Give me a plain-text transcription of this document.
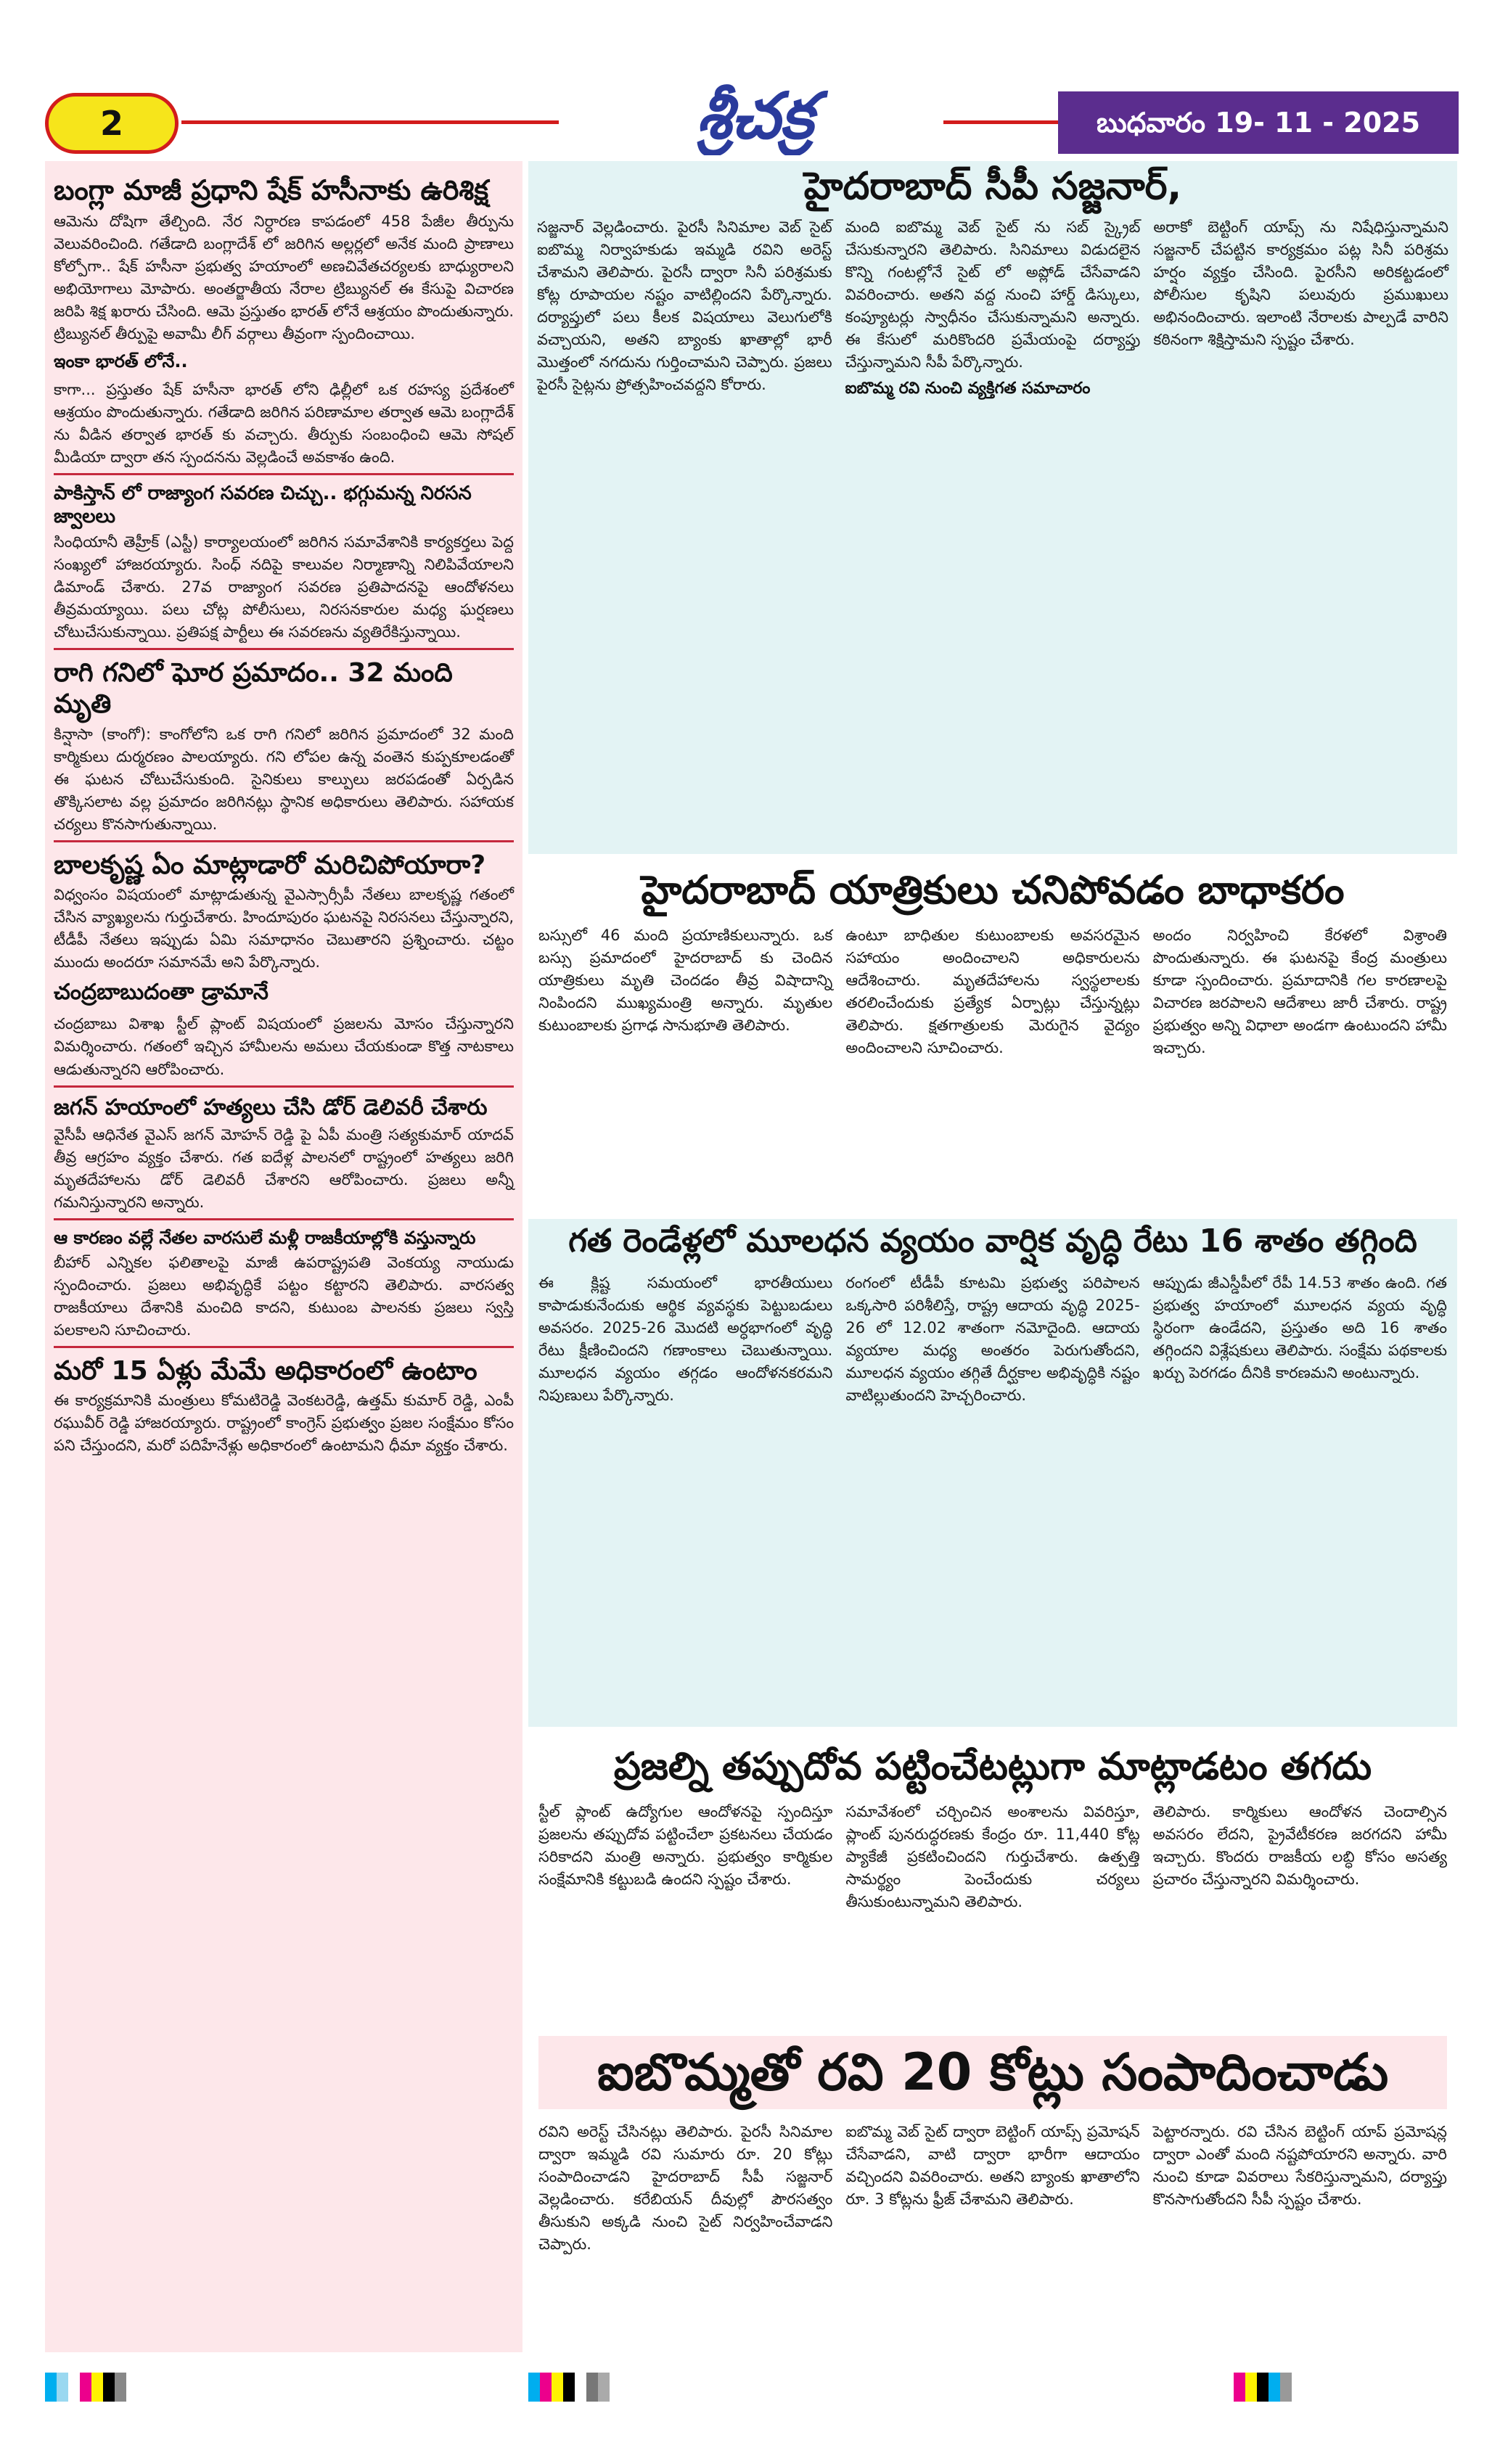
2	శ్రీచక్ర	బుధవారం 19- 11 - 2025
బంగ్లా మాజీ ప్రధాని షేక్ హసీనాకు ఉరిశిక్ష

ఆమెను దోషిగా తేల్చింది. నేర నిర్ధారణ కాపడంలో 458 పేజీల తీర్పును వెలువరించింది. గతేడాది బంగ్లాదేశ్ లో జరిగిన అల్లర్లలో అనేక మంది ప్రాణాలు కోల్పోగా.. షేక్ హసీనా ప్రభుత్వ హయాంలో అణచివేతచర్యలకు బాధ్యురాలని అభియోగాలు మోపారు. అంతర్జాతీయ నేరాల ట్రిబ్యునల్ ఈ కేసుపై విచారణ జరిపి శిక్ష ఖరారు చేసింది. ఆమె ప్రస్తుతం భారత్ లోనే ఆశ్రయం పొందుతున్నారు. ట్రిబ్యునల్ తీర్పుపై అవామీ లీగ్ వర్గాలు తీవ్రంగా స్పందించాయి.

ఇంకా భారత్ లోనే..

కాగా... ప్రస్తుతం షేక్ హసీనా భారత్ లోని ఢిల్లీలో ఒక రహస్య ప్రదేశంలో ఆశ్రయం పొందుతున్నారు. గతేడాది జరిగిన పరిణామాల తర్వాత ఆమె బంగ్లాదేశ్ ను వీడిన తర్వాత భారత్ కు వచ్చారు. తీర్పుకు సంబంధించి ఆమె సోషల్ మీడియా ద్వారా తన స్పందనను వెల్లడించే అవకాశం ఉంది.

పాకిస్తాన్ లో రాజ్యాంగ సవరణ చిచ్చు.. భగ్గుమన్న నిరసన జ్వాలలు

సింధియానీ తెహ్రీక్ (ఎస్టీ) కార్యాలయంలో జరిగిన సమావేశానికి కార్యకర్తలు పెద్ద సంఖ్యలో హాజరయ్యారు. సింధ్ నదిపై కాలువల నిర్మాణాన్ని నిలిపివేయాలని డిమాండ్ చేశారు. 27వ రాజ్యాంగ సవరణ ప్రతిపాదనపై ఆందోళనలు తీవ్రమయ్యాయి. పలు చోట్ల పోలీసులు, నిరసనకారుల మధ్య ఘర్షణలు చోటుచేసుకున్నాయి. ప్రతిపక్ష పార్టీలు ఈ సవరణను వ్యతిరేకిస్తున్నాయి.

రాగి గనిలో ఘోర ప్రమాదం.. 32 మంది మృతి

కిన్షాసా (కాంగో): కాంగోలోని ఒక రాగి గనిలో జరిగిన ప్రమాదంలో 32 మంది కార్మికులు దుర్మరణం పాలయ్యారు. గని లోపల ఉన్న వంతెన కుప్పకూలడంతో ఈ ఘటన చోటుచేసుకుంది. సైనికులు కాల్పులు జరపడంతో ఏర్పడిన తొక్కిసలాట వల్ల ప్రమాదం జరిగినట్లు స్థానిక అధికారులు తెలిపారు. సహాయక చర్యలు కొనసాగుతున్నాయి.

బాలకృష్ణ ఏం మాట్లాడారో మరిచిపోయారా?

విధ్వంసం విషయంలో మాట్లాడుతున్న వైఎస్సార్సీపీ నేతలు బాలకృష్ణ గతంలో చేసిన వ్యాఖ్యలను గుర్తుచేశారు. హిందూపురం ఘటనపై నిరసనలు చేస్తున్నారని, టీడీపీ నేతలు ఇప్పుడు ఏమి సమాధానం చెబుతారని ప్రశ్నించారు. చట్టం ముందు అందరూ సమానమే అని పేర్కొన్నారు.

చంద్రబాబుదంతా డ్రామానే

చంద్రబాబు విశాఖ స్టీల్ ప్లాంట్ విషయంలో ప్రజలను మోసం చేస్తున్నారని విమర్శించారు. గతంలో ఇచ్చిన హామీలను అమలు చేయకుండా కొత్త నాటకాలు ఆడుతున్నారని ఆరోపించారు.

జగన్ హయాంలో హత్యలు చేసి డోర్ డెలివరీ చేశారు

వైసీపీ ఆధినేత వైఎస్ జగన్ మోహన్ రెడ్డి పై ఏపీ మంత్రి సత్యకుమార్ యాదవ్ తీవ్ర ఆగ్రహం వ్యక్తం చేశారు. గత ఐదేళ్ల పాలనలో రాష్ట్రంలో హత్యలు జరిగి మృతదేహాలను డోర్ డెలివరీ చేశారని ఆరోపించారు. ప్రజలు అన్నీ గమనిస్తున్నారని అన్నారు.

ఆ కారణం వల్లే నేతల వారసులే మళ్లీ రాజకీయాల్లోకి వస్తున్నారు

బీహార్ ఎన్నికల ఫలితాలపై మాజీ ఉపరాష్ట్రపతి వెంకయ్య నాయుడు స్పందించారు. ప్రజలు అభివృద్ధికే పట్టం కట్టారని తెలిపారు. వారసత్వ రాజకీయాలు దేశానికి మంచిది కాదని, కుటుంబ పాలనకు ప్రజలు స్వస్తి పలకాలని సూచించారు.

మరో 15 ఏళ్లు మేమే అధికారంలో ఉంటాం

ఈ కార్యక్రమానికి మంత్రులు కోమటిరెడ్డి వెంకటరెడ్డి, ఉత్తమ్ కుమార్ రెడ్డి, ఎంపీ రఘువీర్ రెడ్డి హాజరయ్యారు. రాష్ట్రంలో కాంగ్రెస్ ప్రభుత్వం ప్రజల సంక్షేమం కోసం పని చేస్తుందని, మరో పదిహేనేళ్లు అధికారంలో ఉంటామని ధీమా వ్యక్తం చేశారు.

హైదరాబాద్ సీపీ సజ్జనార్,

సజ్జనార్ వెల్లడించారు. పైరసీ సినిమాల వెబ్ సైట్ ఐబొమ్మ నిర్వాహకుడు ఇమ్మడి రవిని అరెస్ట్ చేశామని తెలిపారు. పైరసీ ద్వారా సినీ పరిశ్రమకు కోట్ల రూపాయల నష్టం వాటిల్లిందని పేర్కొన్నారు. దర్యాప్తులో పలు కీలక విషయాలు వెలుగులోకి వచ్చాయని, అతని బ్యాంకు ఖాతాల్లో భారీ మొత్తంలో నగదును గుర్తించామని చెప్పారు. ప్రజలు పైరసీ సైట్లను ప్రోత్సహించవద్దని కోరారు.

మంది ఐబొమ్మ వెబ్ సైట్ ను సబ్ స్క్రైబ్ చేసుకున్నారని తెలిపారు. సినిమాలు విడుదలైన కొన్ని గంటల్లోనే సైట్ లో అప్లోడ్ చేసేవాడని వివరించారు. అతని వద్ద నుంచి హార్డ్ డిస్కులు, కంప్యూటర్లు స్వాధీనం చేసుకున్నామని అన్నారు. ఈ కేసులో మరికొందరి ప్రమేయంపై దర్యాప్తు చేస్తున్నామని సీపీ పేర్కొన్నారు.

ఐబొమ్మ రవి నుంచి వ్యక్తిగత సమాచారం

అరాకో బెట్టింగ్ యాప్స్ ను నిషేధిస్తున్నామని సజ్జనార్ చేపట్టిన కార్యక్రమం పట్ల సినీ పరిశ్రమ హర్షం వ్యక్తం చేసింది. పైరసీని అరికట్టడంలో పోలీసుల కృషిని పలువురు ప్రముఖులు అభినందించారు. ఇలాంటి నేరాలకు పాల్పడే వారిని కఠినంగా శిక్షిస్తామని స్పష్టం చేశారు.

హైదరాబాద్ యాత్రికులు చనిపోవడం బాధాకరం

బస్సులో 46 మంది ప్రయాణికులున్నారు. ఒక బస్సు ప్రమాదంలో హైదరాబాద్ కు చెందిన యాత్రికులు మృతి చెందడం తీవ్ర విషాదాన్ని నింపిందని ముఖ్యమంత్రి అన్నారు. మృతుల కుటుంబాలకు ప్రగాఢ సానుభూతి తెలిపారు.

ఉంటూ బాధితుల కుటుంబాలకు అవసరమైన సహాయం అందించాలని అధికారులను ఆదేశించారు. మృతదేహాలను స్వస్థలాలకు తరలించేందుకు ప్రత్యేక ఏర్పాట్లు చేస్తున్నట్లు తెలిపారు. క్షతగాత్రులకు మెరుగైన వైద్యం అందించాలని సూచించారు.

అందం నిర్వహించి కేరళలో విశ్రాంతి పొందుతున్నారు. ఈ ఘటనపై కేంద్ర మంత్రులు కూడా స్పందించారు. ప్రమాదానికి గల కారణాలపై విచారణ జరపాలని ఆదేశాలు జారీ చేశారు. రాష్ట్ర ప్రభుత్వం అన్ని విధాలా అండగా ఉంటుందని హామీ ఇచ్చారు.

గత రెండేళ్లలో మూలధన వ్యయం వార్షిక వృద్ధి రేటు 16 శాతం తగ్గింది

ఈ క్లిష్ట సమయంలో భారతీయులు కాపాడుకునేందుకు ఆర్థిక వ్యవస్థకు పెట్టుబడులు అవసరం. 2025-26 మొదటి అర్ధభాగంలో వృద్ధి రేటు క్షీణించిందని గణాంకాలు చెబుతున్నాయి. మూలధన వ్యయం తగ్గడం ఆందోళనకరమని నిపుణులు పేర్కొన్నారు.

రంగంలో టీడీపీ కూటమి ప్రభుత్వ పరిపాలన ఒక్కసారి పరిశీలిస్తే, రాష్ట్ర ఆదాయ వృద్ధి 2025-26 లో 12.02 శాతంగా నమోదైంది. ఆదాయ వ్యయాల మధ్య అంతరం పెరుగుతోందని, మూలధన వ్యయం తగ్గితే దీర్ఘకాల అభివృద్ధికి నష్టం వాటిల్లుతుందని హెచ్చరించారు.

ఆప్పుడు జీఎస్డీపీలో రేపీ 14.53 శాతం ఉంది. గత ప్రభుత్వ హయాంలో మూలధన వ్యయ వృద్ధి స్థిరంగా ఉండేదని, ప్రస్తుతం అది 16 శాతం తగ్గిందని విశ్లేషకులు తెలిపారు. సంక్షేమ పథకాలకు ఖర్చు పెరగడం దీనికి కారణమని అంటున్నారు.

ప్రజల్ని తప్పుదోవ పట్టించేటట్లుగా మాట్లాడటం తగదు

స్టీల్ ప్లాంట్ ఉద్యోగుల ఆందోళనపై స్పందిస్తూ ప్రజలను తప్పుదోవ పట్టించేలా ప్రకటనలు చేయడం సరికాదని మంత్రి అన్నారు. ప్రభుత్వం కార్మికుల సంక్షేమానికి కట్టుబడి ఉందని స్పష్టం చేశారు.

సమావేశంలో చర్చించిన అంశాలను వివరిస్తూ, ప్లాంట్ పునరుద్ధరణకు కేంద్రం రూ. 11,440 కోట్ల ప్యాకేజీ ప్రకటించిందని గుర్తుచేశారు. ఉత్పత్తి సామర్థ్యం పెంచేందుకు చర్యలు తీసుకుంటున్నామని తెలిపారు.

తెలిపారు. కార్మికులు ఆందోళన చెందాల్సిన అవసరం లేదని, ప్రైవేటీకరణ జరగదని హామీ ఇచ్చారు. కొందరు రాజకీయ లబ్ధి కోసం అసత్య ప్రచారం చేస్తున్నారని విమర్శించారు.

ఐబొమ్మతో రవి 20 కోట్లు సంపాదించాడు

రవిని అరెస్ట్ చేసినట్లు తెలిపారు. పైరసీ సినిమాల ద్వారా ఇమ్మడి రవి సుమారు రూ. 20 కోట్లు సంపాదించాడని హైదరాబాద్ సీపీ సజ్జనార్ వెల్లడించారు. కరేబియన్ దీవుల్లో పౌరసత్వం తీసుకుని అక్కడి నుంచి సైట్ నిర్వహించేవాడని చెప్పారు.

ఐబొమ్మ వెబ్ సైట్ ద్వారా బెట్టింగ్ యాప్స్ ప్రమోషన్ చేసేవాడని, వాటి ద్వారా భారీగా ఆదాయం వచ్చిందని వివరించారు. అతని బ్యాంకు ఖాతాలోని రూ. 3 కోట్లను ఫ్రీజ్ చేశామని తెలిపారు.

పెట్టారన్నారు. రవి చేసిన బెట్టింగ్ యాప్ ప్రమోషన్ల ద్వారా ఎంతో మంది నష్టపోయారని అన్నారు. వారి నుంచి కూడా వివరాలు సేకరిస్తున్నామని, దర్యాప్తు కొనసాగుతోందని సీపీ స్పష్టం చేశారు.
